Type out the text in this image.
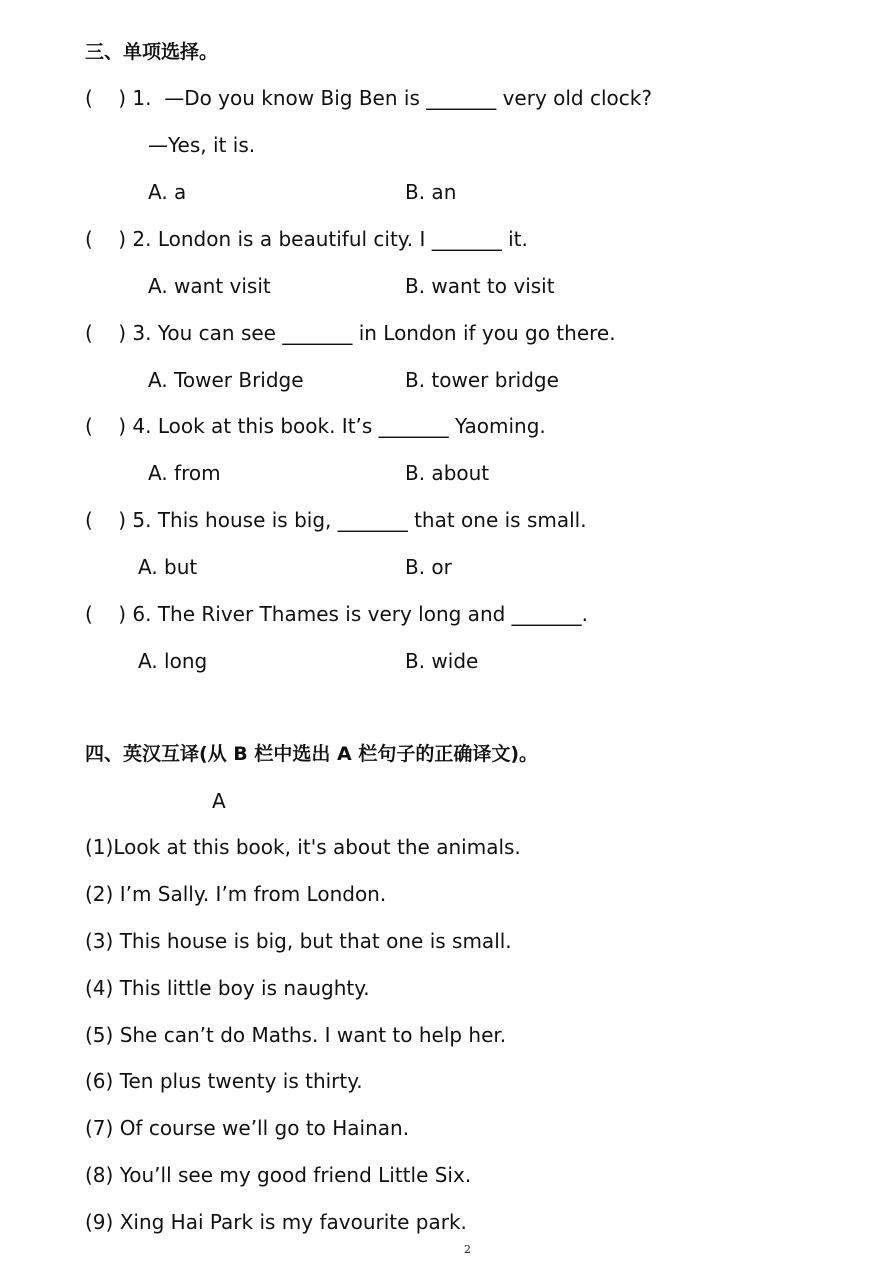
三、单项选择。
(    ) 1.  —Do you know Big Ben is _______ very old clock?
—Yes, it is.
A. a	B. an
(    ) 2. London is a beautiful city. I _______ it.
A. want visit	B. want to visit
(    ) 3. You can see _______ in London if you go there.
A. Tower Bridge	B. tower bridge
(    ) 4. Look at this book. It’s _______ Yaoming.
A. from	B. about
(    ) 5. This house is big, _______ that one is small.
A. but	B. or
(    ) 6. The River Thames is very long and _______.
A. long	B. wide
四、英汉互译(从 B 栏中选出 A 栏句子的正确译文)。
A
(1)Look at this book, it's about the animals.
(2) I’m Sally. I’m from London.
(3) This house is big, but that one is small.
(4) This little boy is naughty.
(5) She can’t do Maths. I want to help her.
(6) Ten plus twenty is thirty.
(7) Of course we’ll go to Hainan.
(8) You’ll see my good friend Little Six.
(9) Xing Hai Park is my favourite park.
2
